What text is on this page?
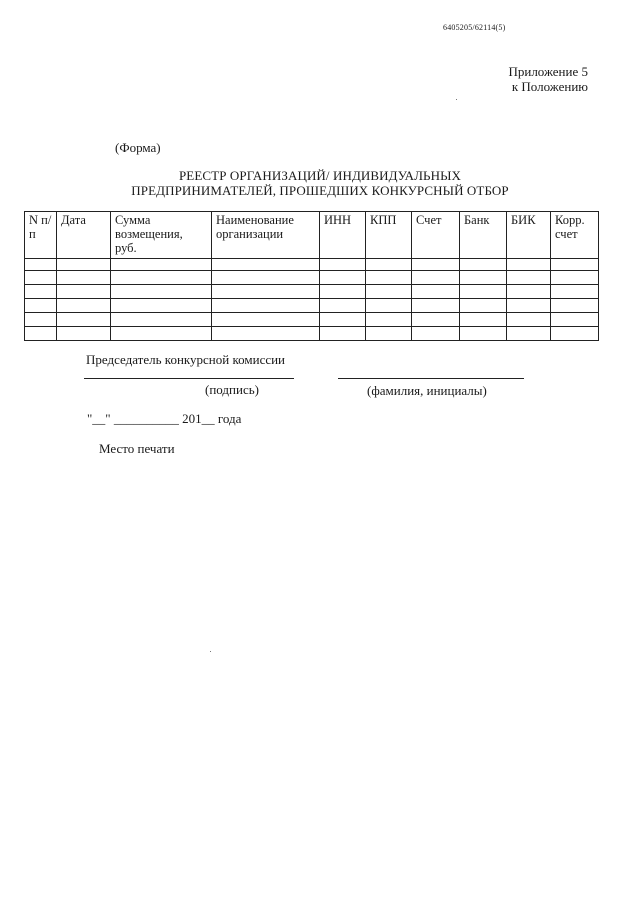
6405205/62114(5)
Приложение 5
к Положению
(Форма)
РЕЕСТР ОРГАНИЗАЦИЙ/ ИНДИВИДУАЛЬНЫХ
ПРЕДПРИНИМАТЕЛЕЙ, ПРОШЕДШИХ КОНКУРСНЫЙ ОТБОР
N п/п	Дата	Сумма возмещения, руб.	Наименование организации	ИНН	КПП	Счет	Банк	БИК	Корр. счет

Председатель конкурсной комиссии
(подпись)	(фамилия, инициалы)
"__" __________ 201__ года
Место печати
